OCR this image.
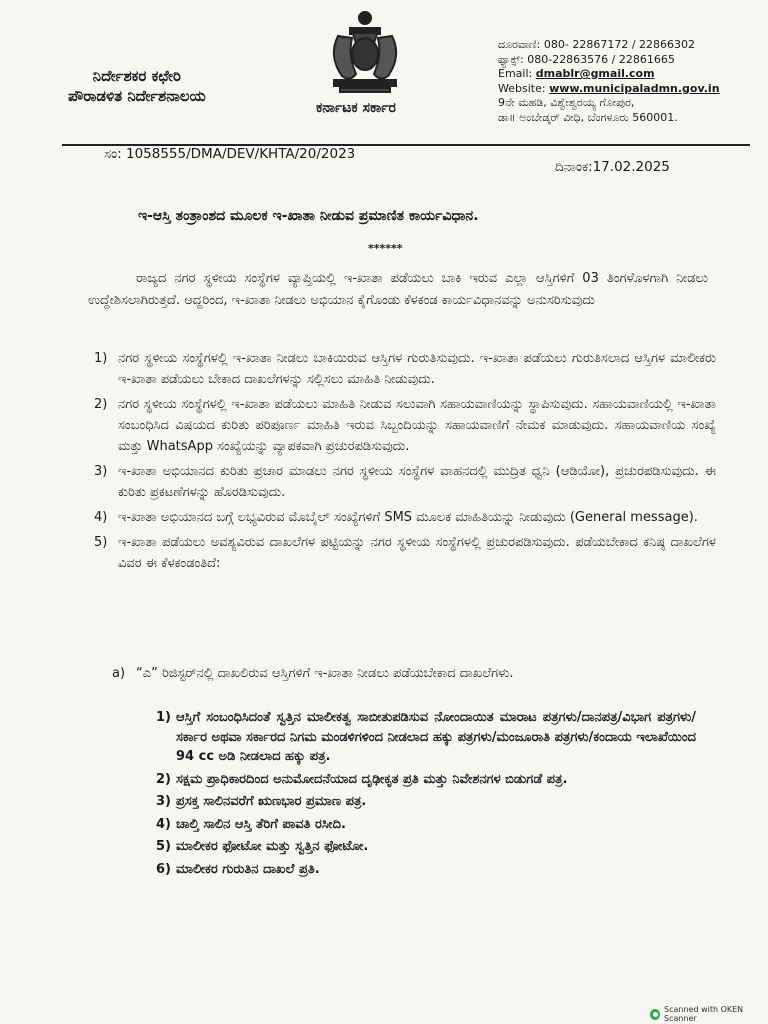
ನಿರ್ದೇಶಕರ ಕಛೇರಿ
ಪೌರಾಡಳಿತ ನಿರ್ದೇಶನಾಲಯ
ಕರ್ನಾಟಕ ಸರ್ಕಾರ
ದೂರವಾಣಿ: 080- 22867172 / 22866302
ಫ್ಯಾಕ್ಸ್: 080-22863576 / 22861665
Email: dmablr@gmail.com
Website: www.municipaladmn.gov.in
9ನೇ ಮಹಡಿ, ವಿಶ್ವೇಶ್ವರಯ್ಯ ಗೋಪುರ,
ಡಾ॥ ಅಂಬೇಡ್ಕರ್ ವೀಧಿ, ಬೆಂಗಳೂರು 560001.
ಸಂ: 1058555/DMA/DEV/KHTA/20/2023
ದಿನಾಂಕ:17.02.2025
ಇ-ಆಸ್ತಿ ತಂತ್ರಾಂಶದ ಮೂಲಕ ಇ-ಖಾತಾ ನೀಡುವ ಪ್ರಮಾಣಿತ ಕಾರ್ಯವಿಧಾನ.
******
ರಾಜ್ಯದ ನಗರ ಸ್ಥಳೀಯ ಸಂಸ್ಥೆಗಳ ವ್ಯಾಪ್ತಿಯಲ್ಲಿ ಇ-ಖಾತಾ ಪಡೆಯಲು ಬಾಕಿ ಇರುವ ಎಲ್ಲಾ ಆಸ್ತಿಗಳಿಗೆ 03 ತಿಂಗಳೊಳಗಾಗಿ ನೀಡಲು ಉದ್ದೇಶಿಸಲಾಗಿರುತ್ತದೆ. ಆದ್ದರಿಂದ, ಇ-ಖಾತಾ ನೀಡಲು ಅಭಿಯಾನ ಕೈಗೊಂಡು ಕೆಳಕಂಡ ಕಾರ್ಯವಿಧಾನವನ್ನು ಅನುಸರಿಸುವುದು
1) ನಗರ ಸ್ಥಳೀಯ ಸಂಸ್ಥೆಗಳಲ್ಲಿ ಇ-ಖಾತಾ ನೀಡಲು ಬಾಕಿಯಿರುವ ಆಸ್ತಿಗಳ ಗುರುತಿಸುವುದು. ಇ-ಖಾತಾ ಪಡೆಯಲು ಗುರುತಿಸಲಾದ ಆಸ್ತಿಗಳ ಮಾಲೀಕರು ಇ-ಖಾತಾ ಪಡೆಯಲು ಬೇಕಾದ ದಾಖಲೆಗಳನ್ನು ಸಲ್ಲಿಸಲು ಮಾಹಿತಿ ನೀಡುವುದು.
2) ನಗರ ಸ್ಥಳೀಯ ಸಂಸ್ಥೆಗಳಲ್ಲಿ ಇ-ಖಾತಾ ಪಡೆಯಲು ಮಾಹಿತಿ ನೀಡುವ ಸಲುವಾಗಿ ಸಹಾಯವಾಣಿಯನ್ನು ಸ್ಥಾಪಿಸುವುದು. ಸಹಾಯವಾಣಿಯಲ್ಲಿ ಇ-ಖಾತಾ ಸಂಬಂಧಿಸಿದ ವಿಷಯದ ಕುರಿತು ಪರಿಪೂರ್ಣ ಮಾಹಿತಿ ಇರುವ ಸಿಬ್ಬಂದಿಯನ್ನು ಸಹಾಯವಾಣಿಗೆ ನೇಮಕ ಮಾಡುವುದು. ಸಹಾಯವಾಣಿಯ ಸಂಖ್ಯೆ ಮತ್ತು WhatsApp ಸಂಖ್ಯೆಯನ್ನು ವ್ಯಾಪಕವಾಗಿ ಪ್ರಚುರಪಡಿಸುವುದು.
3) ಇ-ಖಾತಾ ಅಭಿಯಾನದ ಕುರಿತು ಪ್ರಚಾರ ಮಾಡಲು ನಗರ ಸ್ಥಳೀಯ ಸಂಸ್ಥೆಗಳ ವಾಹನದಲ್ಲಿ ಮುದ್ರಿತ ಧ್ವನಿ (ಆಡಿಯೋ), ಪ್ರಚುರಪಡಿಸುವುದು. ಈ ಕುರಿತು ಪ್ರಕಟಣೆಗಳನ್ನು ಹೊರಡಿಸುವುದು.
4) ಇ-ಖಾತಾ ಅಭಿಯಾನದ ಬಗ್ಗೆ ಲಭ್ಯವಿರುವ ಮೊಬೈಲ್ ಸಂಖ್ಯೆಗಳಿಗೆ SMS ಮೂಲಕ ಮಾಹಿತಿಯನ್ನು ನೀಡುವುದು (General message).
5) ಇ-ಖಾತಾ ಪಡೆಯಲು ಅವಶ್ಯವಿರುವ ದಾಖಲೆಗಳ ಪಟ್ಟಿಯನ್ನು ನಗರ ಸ್ಥಳೀಯ ಸಂಸ್ಥೆಗಳಲ್ಲಿ ಪ್ರಚುರಪಡಿಸುವುದು. ಪಡೆಯಬೇಕಾದ ಕನಿಷ್ಠ ದಾಖಲೆಗಳ ವಿವರ ಈ ಕೆಳಕಂಡಂತಿದೆ:
a) “ಎ” ರಿಜಿಸ್ಟರ್‌ನಲ್ಲಿ ದಾಖಲಿರುವ ಆಸ್ತಿಗಳಿಗೆ ಇ-ಖಾತಾ ನೀಡಲು ಪಡೆಯಬೇಕಾದ ದಾಖಲೆಗಳು.
1) ಆಸ್ತಿಗೆ ಸಂಬಂಧಿಸಿದಂತೆ ಸ್ವತ್ತಿನ ಮಾಲೀಕತ್ವ ಸಾಬೀತುಪಡಿಸುವ ನೋಂದಾಯಿತ ಮಾರಾಟ ಪತ್ರಗಳು/ದಾನಪತ್ರ/ವಿಭಾಗ ಪತ್ರಗಳು/ಸರ್ಕಾರ ಅಥವಾ ಸರ್ಕಾರದ ನಿಗಮ ಮಂಡಳಿಗಳಿಂದ ನೀಡಲಾದ ಹಕ್ಕು ಪತ್ರಗಳು/ಮಂಜೂರಾತಿ ಪತ್ರಗಳು/ಕಂದಾಯ ಇಲಾಖೆಯಿಂದ 94 cc ಅಡಿ ನೀಡಲಾದ ಹಕ್ಕು ಪತ್ರ.
2) ಸಕ್ಷಮ ಪ್ರಾಧಿಕಾರದಿಂದ ಅನುಮೋದನೆಯಾದ ದೃಢೀಕೃತ ಪ್ರತಿ ಮತ್ತು ನಿವೇಶನಗಳ ಬಿಡುಗಡೆ ಪತ್ರ.
3) ಪ್ರಸಕ್ತ ಸಾಲಿನವರೆಗೆ ಋಣಭಾರ ಪ್ರಮಾಣ ಪತ್ರ.
4) ಚಾಲ್ತಿ ಸಾಲಿನ ಆಸ್ತಿ ತೆರಿಗೆ ಪಾವತಿ ರಸೀದಿ.
5) ಮಾಲೀಕರ ಫೋಟೋ ಮತ್ತು ಸ್ವತ್ತಿನ ಫೋಟೋ.
6) ಮಾಲೀಕರ ಗುರುತಿನ ದಾಖಲೆ ಪ್ರತಿ.
Scanned with OKEN Scanner
